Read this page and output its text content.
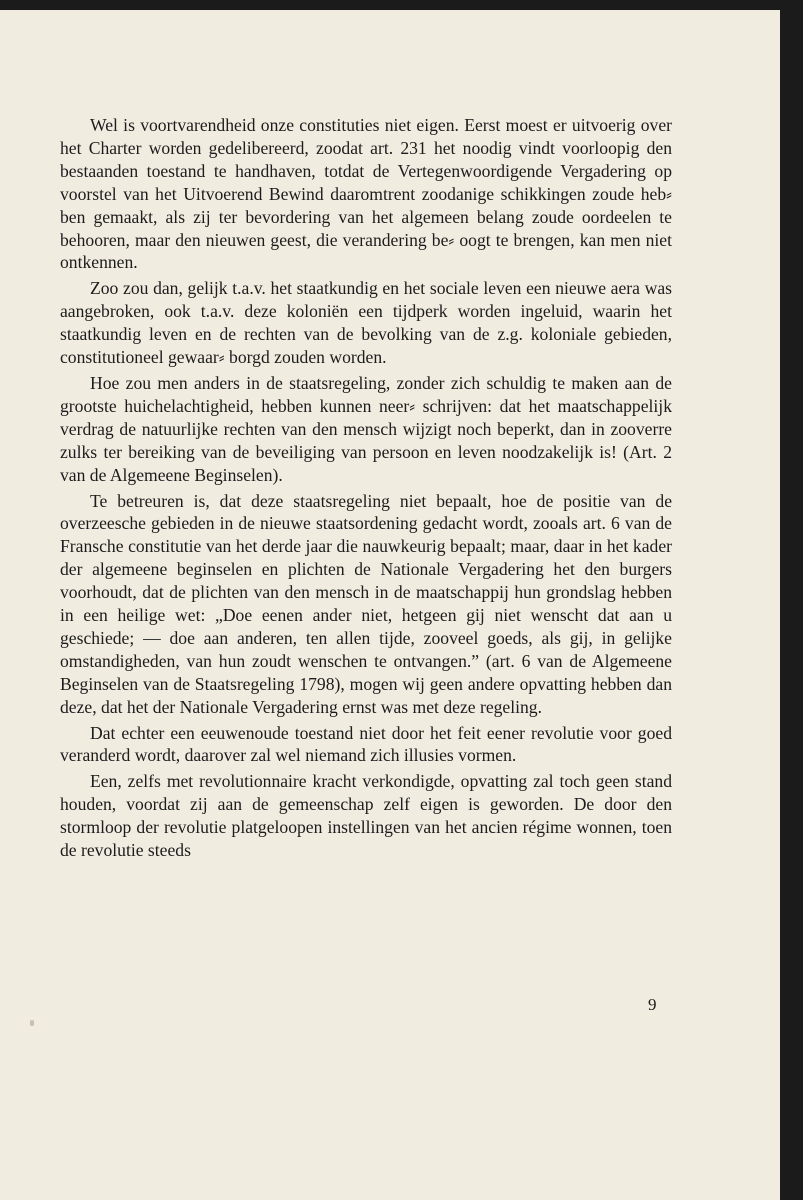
Wel is voortvarendheid onze constituties niet eigen. Eerst moest er uitvoerig over het Charter worden gedelibereerd, zoodat art. 231 het noodig vindt voorloopig den bestaanden toestand te handhaven, totdat de Vertegenwoordigende Vergadering op voorstel van het Uitvoerend Bewind daaromtrent zoodanige schikkingen zoude heb⸗ ben gemaakt, als zij ter bevordering van het algemeen belang zoude oordeelen te behooren, maar den nieuwen geest, die verandering be⸗ oogt te brengen, kan men niet ontkennen.

Zoo zou dan, gelijk t.a.v. het staatkundig en het sociale leven een nieuwe aera was aangebroken, ook t.a.v. deze koloniën een tijdperk worden ingeluid, waarin het staatkundig leven en de rechten van de bevolking van de z.g. koloniale gebieden, constitutioneel gewaar⸗ borgd zouden worden.

Hoe zou men anders in de staatsregeling, zonder zich schuldig te maken aan de grootste huichelachtigheid, hebben kunnen neer⸗ schrijven: dat het maatschappelijk verdrag de natuurlijke rechten van den mensch wijzigt noch beperkt, dan in zooverre zulks ter bereiking van de beveiliging van persoon en leven noodzakelijk is! (Art. 2 van de Algemeene Beginselen).

Te betreuren is, dat deze staatsregeling niet bepaalt, hoe de positie van de overzeesche gebieden in de nieuwe staatsordening gedacht wordt, zooals art. 6 van de Fransche constitutie van het derde jaar die nauwkeurig bepaalt; maar, daar in het kader der algemeene beginselen en plichten de Nationale Vergadering het den burgers voorhoudt, dat de plichten van den mensch in de maatschappij hun grondslag hebben in een heilige wet: „Doe eenen ander niet, hetgeen gij niet wenscht dat aan u geschiede; — doe aan anderen, ten allen tijde, zooveel goeds, als gij, in gelijke omstandigheden, van hun zoudt wenschen te ontvangen.” (art. 6 van de Algemeene Beginselen van de Staatsregeling 1798), mogen wij geen andere opvatting hebben dan deze, dat het der Nationale Vergadering ernst was met deze regeling.

Dat echter een eeuwenoude toestand niet door het feit eener revolutie voor goed veranderd wordt, daarover zal wel niemand zich illusies vormen.

Een, zelfs met revolutionnaire kracht verkondigde, opvatting zal toch geen stand houden, voordat zij aan de gemeenschap zelf eigen is geworden. De door den stormloop der revolutie platgeloopen instellingen van het ancien régime wonnen, toen de revolutie steeds

9
